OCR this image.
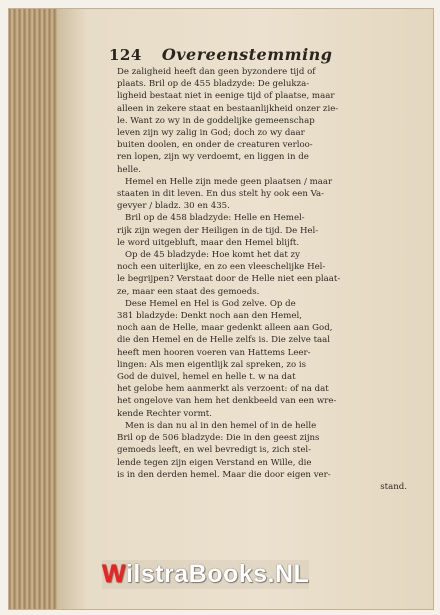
124 Overeenstemming
De zaligheid heeft dan geen byzondere tijd of
plaats. Bril op de 455 bladzyde: De gelukza-
ligheid bestaat niet in eenige tijd of plaatse, maar
alleen in zekere staat en bestaanlijkheid onzer zie-
le. Want zo wy in de goddelijke gemeenschap
leven zijn wy zalig in God; doch zo wy daar
buiten doolen, en onder de creaturen verloo-
ren lopen, zijn wy verdoemt, en liggen in de
helle.
Hemel en Helle zijn mede geen plaatsen / maar
staaten in dit leven. En dus stelt hy ook een Va-
gevyer / bladz. 30 en 435.
Bril op de 458 bladzyde: Helle en Hemel-
rijk zijn wegen der Heiligen in de tijd. De Hel-
le word uitgebluft, maar den Hemel blijft.
Op de 45 bladzyde: Hoe komt het dat zy
noch een uiterlijke, en zo een vleeschelijke Hel-
le begrijpen? Verstaat door de Helle niet een plaat-
ze, maar een staat des gemoeds.
Dese Hemel en Hel is God zelve. Op de
381 bladzyde: Denkt noch aan den Hemel,
noch aan de Helle, maar gedenkt alleen aan God,
die den Hemel en de Helle zelfs is. Die zelve taal
heeft men hooren voeren van Hattems Leer-
lingen: Als men eigentlijk zal spreken, zo is
God de duivel, hemel en helle t. w na dat
het gelobe hem aanmerkt als verzoent: of na dat
het ongelove van hem het denkbeeld van een wre-
kende Rechter vormt.
Men is dan nu al in den hemel of in de helle
Bril op de 506 bladzyde: Die in den geest zijns
gemoeds leeft, en wel bevredigt is, zich stel-
lende tegen zijn eigen Verstand en Wille, die
is in den derden hemel. Maar die door eigen ver-
stand.
WilstraBooks.NL
